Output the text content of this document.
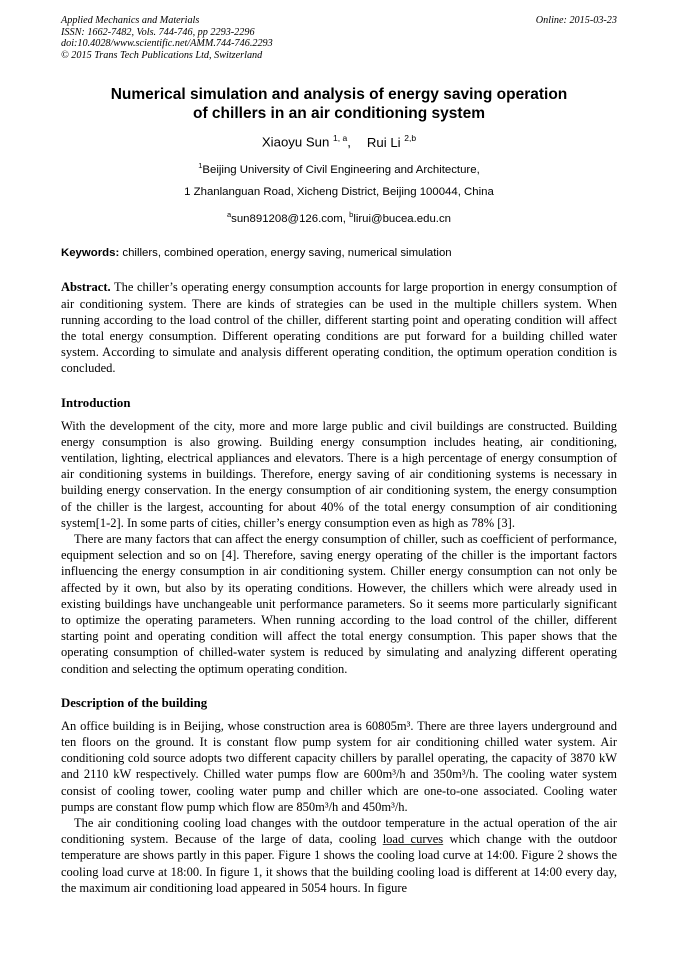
Applied Mechanics and Materials
ISSN: 1662-7482, Vols. 744-746, pp 2293-2296
doi:10.4028/www.scientific.net/AMM.744-746.2293
© 2015 Trans Tech Publications Ltd, Switzerland
Online: 2015-03-23
Numerical simulation and analysis of energy saving operation
of chillers in an air conditioning system
Xiaoyu Sun $^{1, a}$, Rui Li $^{2,b}$
$^1$Beijing University of Civil Engineering and Architecture,
1 Zhanlanguan Road, Xicheng District, Beijing 100044, China
$^a$sun891208@126.com, $^b$lirui@bucea.edu.cn
Keywords: chillers, combined operation, energy saving, numerical simulation

Abstract. The chiller’s operating energy consumption accounts for large proportion in energy consumption of air conditioning system. There are kinds of strategies can be used in the multiple chillers system. When running according to the load control of the chiller, different starting point and operating condition will affect the total energy consumption. Different operating conditions are put forward for a building chilled water system. According to simulate and analysis different operating condition, the optimum operation condition is concluded.

Introduction

With the development of the city, more and more large public and civil buildings are constructed. Building energy consumption is also growing. Building energy consumption includes heating, air conditioning, ventilation, lighting, electrical appliances and elevators. There is a high percentage of energy consumption of air conditioning systems in buildings. Therefore, energy saving of air conditioning systems is necessary in building energy conservation. In the energy consumption of air conditioning system, the energy consumption of the chiller is the largest, accounting for about 40% of the total energy consumption of air conditioning system[1-2]. In some parts of cities, chiller’s energy consumption even as high as 78% [3].

There are many factors that can affect the energy consumption of chiller, such as coefficient of performance, equipment selection and so on [4]. Therefore, saving energy operating of the chiller is the important factors influencing the energy consumption in air conditioning system. Chiller energy consumption can not only be affected by it own, but also by its operating conditions. However, the chillers which were already used in existing buildings have unchangeable unit performance parameters. So it seems more particularly significant to optimize the operating parameters. When running according to the load control of the chiller, different starting point and operating condition will affect the total energy consumption. This paper shows that the operating consumption of chilled-water system is reduced by simulating and analyzing different operating condition and selecting the optimum operating condition.

Description of the building

An office building is in Beijing, whose construction area is 60805m³. There are three layers underground and ten floors on the ground. It is constant flow pump system for air conditioning chilled water system. Air conditioning cold source adopts two different capacity chillers by parallel operating, the capacity of 3870 kW and 2110 kW respectively. Chilled water pumps flow are 600m³/h and 350m³/h. The cooling water system consist of cooling tower, cooling water pump and chiller which are one-to-one associated. Cooling water pumps are constant flow pump which flow are 850m³/h and 450m³/h.

The air conditioning cooling load changes with the outdoor temperature in the actual operation of the air conditioning system. Because of the large of data, cooling load curves which change with the outdoor temperature are shows partly in this paper. Figure 1 shows the cooling load curve at 14:00. Figure 2 shows the cooling load curve at 18:00. In figure 1, it shows that the building cooling load is different at 14:00 every day, the maximum air conditioning load appeared in 5054 hours. In figure
